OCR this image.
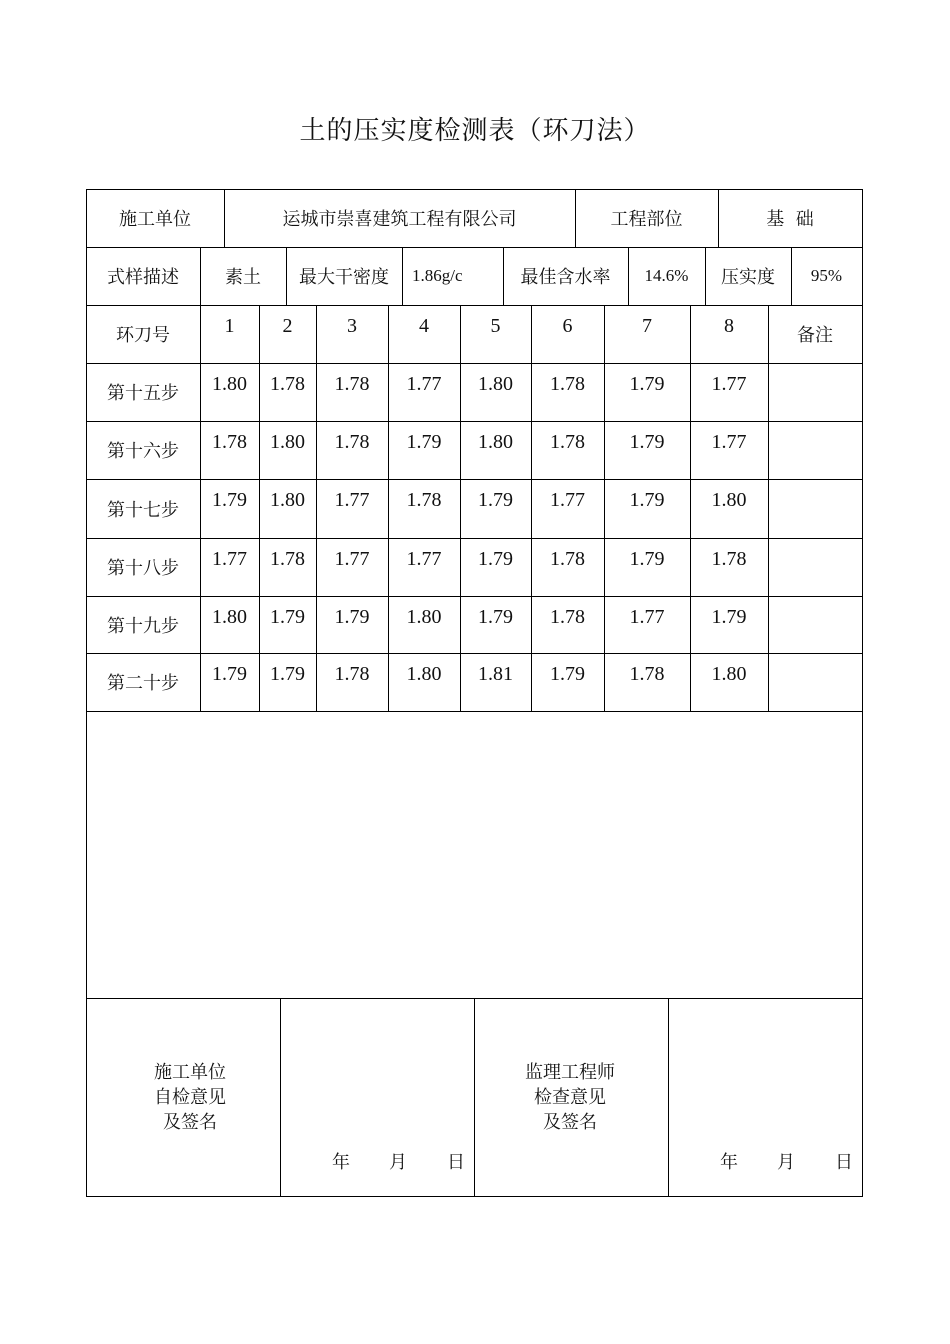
土的压实度检测表（环刀法）
施工单位	运城市崇喜建筑工程有限公司	工程部位	基  础
式样描述	素土	最大干密度	1.86g/c	最佳含水率	14.6%	压实度	95%
环刀号	1	2	3	4	5	6	7	8	备注
第十五步	1.80	1.78	1.78	1.77	1.80	1.78	1.79	1.77
第十六步	1.78	1.80	1.78	1.79	1.80	1.78	1.79	1.77
第十七步	1.79	1.80	1.77	1.78	1.79	1.77	1.79	1.80
第十八步	1.77	1.78	1.77	1.77	1.79	1.78	1.79	1.78
第十九步	1.80	1.79	1.79	1.80	1.79	1.78	1.77	1.79
第二十步	1.79	1.79	1.78	1.80	1.81	1.79	1.78	1.80
施工单位
自检意见
及签名
年 月 日
监理工程师
检查意见
及签名
年 月 日
